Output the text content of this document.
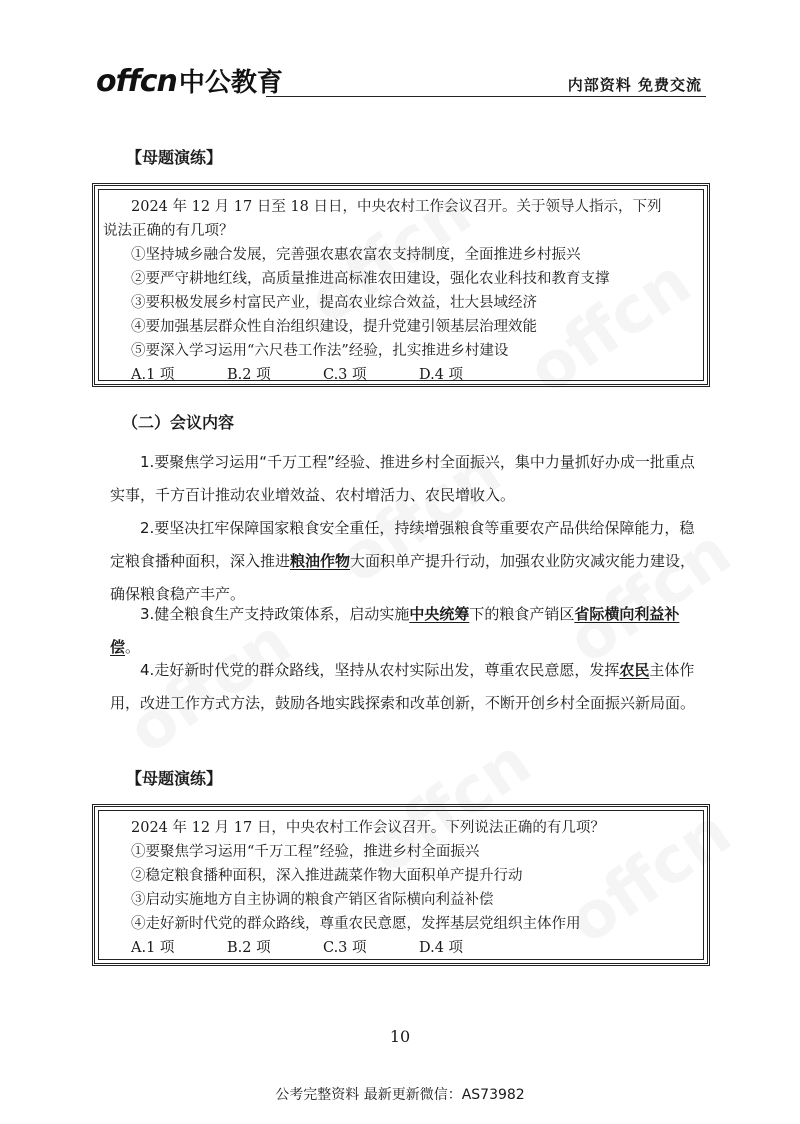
offcn中公教育	内部资料 免费交流
【母题演练】
2024 年 12 月 17 日至 18 日日，中央农村工作会议召开。关于领导人指示，下列
说法正确的有几项？
①坚持城乡融合发展，完善强农惠农富农支持制度，全面推进乡村振兴
②要严守耕地红线，高质量推进高标准农田建设，强化农业科技和教育支撑
③要积极发展乡村富民产业，提高农业综合效益，壮大县域经济
④要加强基层群众性自治组织建设，提升党建引领基层治理效能
⑤要深入学习运用“六尺巷工作法”经验，扎实推进乡村建设
A.1 项	B.2 项	C.3 项	D.4 项
（二）会议内容

1.要聚焦学习运用“千万工程”经验、推进乡村全面振兴，集中力量抓好办成一批重点实事，千方百计推动农业增效益、农村增活力、农民增收入。

2.要坚决扛牢保障国家粮食安全重任，持续增强粮食等重要农产品供给保障能力，稳定粮食播种面积，深入推进粮油作物大面积单产提升行动，加强农业防灾减灾能力建设，确保粮食稳产丰产。

3.健全粮食生产支持政策体系，启动实施中央统筹下的粮食产销区省际横向利益补偿。

4.走好新时代党的群众路线，坚持从农村实际出发，尊重农民意愿，发挥农民主体作用，改进工作方式方法，鼓励各地实践探索和改革创新，不断开创乡村全面振兴新局面。

【母题演练】
2024 年 12 月 17 日，中央农村工作会议召开。下列说法正确的有几项？
①要聚焦学习运用“千万工程”经验，推进乡村全面振兴
②稳定粮食播种面积，深入推进蔬菜作物大面积单产提升行动
③启动实施地方自主协调的粮食产销区省际横向利益补偿
④走好新时代党的群众路线，尊重农民意愿，发挥基层党组织主体作用
A.1 项	B.2 项	C.3 项	D.4 项
10
公考完整资料 最新更新微信：AS73982
